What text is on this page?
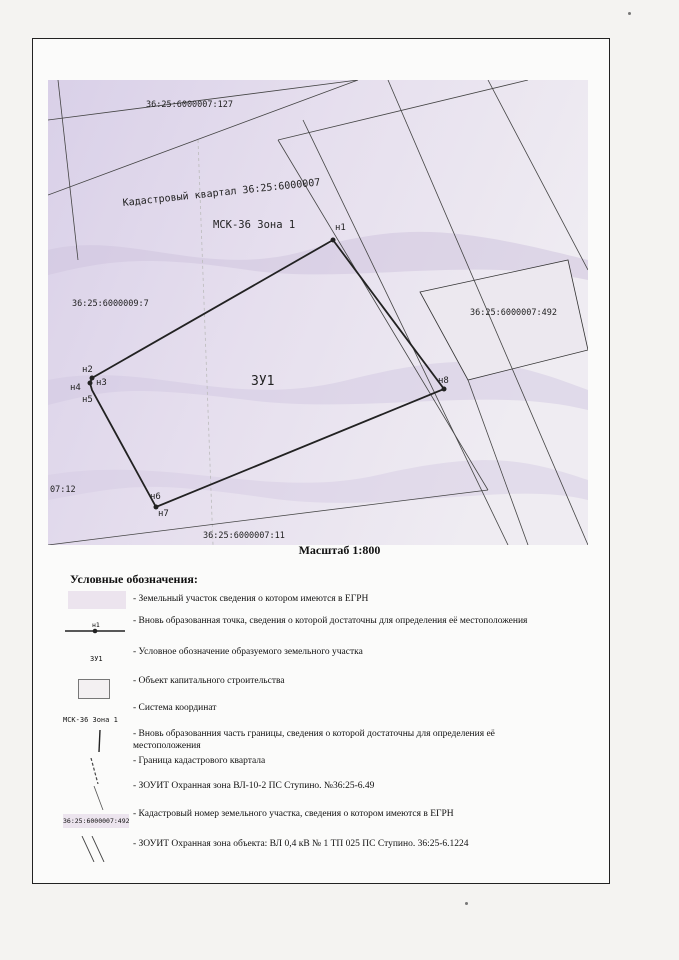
36:25:6000007:127
36:25:6000009:7
36:25:6000007:492
36:25:6000007:11
07:12
Кадастровый квартал 36:25:6000007
МСК-36 Зона 1
ЗУ1
н1
н2
н3
н4
н5
н6
н7
н8
Масштаб 1:800
Условные обозначения:
н1
ЗУ1
МСК-36 Зона 1
36:25:6000007:492
- Земельный участок сведения о котором имеются в ЕГРН
- Вновь образованная точка, сведения о которой достаточны для определения её местоположения
- Условное обозначение образуемого земельного участка
- Объект капитального строительства
- Система координат
- Вновь образованния часть границы, сведения о которой достаточны для определения её местоположения
- Граница кадастрового квартала
- ЗОУИТ Охранная зона ВЛ-10-2 ПС Ступино. №36:25-6.49
- Кадастровый номер земельного участка, сведения о котором имеются в ЕГРН
- ЗОУИТ Охранная зона объекта: ВЛ 0,4 кВ № 1 ТП 025 ПС Ступино. 36:25-6.1224
